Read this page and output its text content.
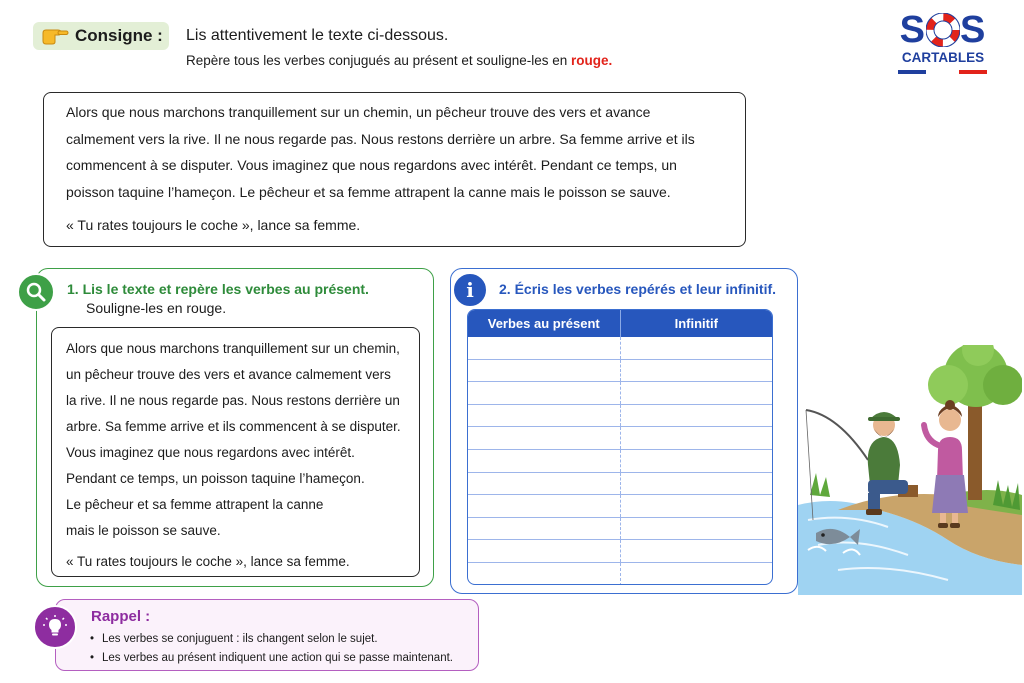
Consigne : Lis attentivement le texte ci-dessous.
Repère tous les verbes conjugués au présent et souligne-les en rouge.
S S
CARTABLES

Alors que nous marchons tranquillement sur un chemin, un pêcheur trouve des vers et avance

calmement vers la rive. Il ne nous regarde pas. Nous restons derrière un arbre. Sa femme arrive et ils

commencent à se disputer. Vous imaginez que nous regardons avec intérêt. Pendant ce temps, un

poisson taquine l’hameçon. Le pêcheur et sa femme attrapent la canne mais le poisson se sauve.

« Tu rates toujours le coche », lance sa femme.

1. Lis le texte et repère les verbes au présent.
Souligne-les en rouge.
Alors que nous marchons tranquillement sur un chemin,
un pêcheur trouve des vers et avance calmement vers
la rive. Il ne nous regarde pas. Nous restons derrière un
arbre. Sa femme arrive et ils commencent à se disputer.
Vous imaginez que nous regardons avec intérêt.
Pendant ce temps, un poisson taquine l’hameçon.
Le pêcheur et sa femme attrapent la canne
mais le poisson se sauve.
« Tu rates toujours le coche », lance sa femme.
i	2. Écris les verbes repérés et leur infinitif.
Verbes au présent	Infinitif
Rappel :
• Les verbes se conjuguent : ils changent selon le sujet.
• Les verbes au présent indiquent une action qui se passe maintenant.
